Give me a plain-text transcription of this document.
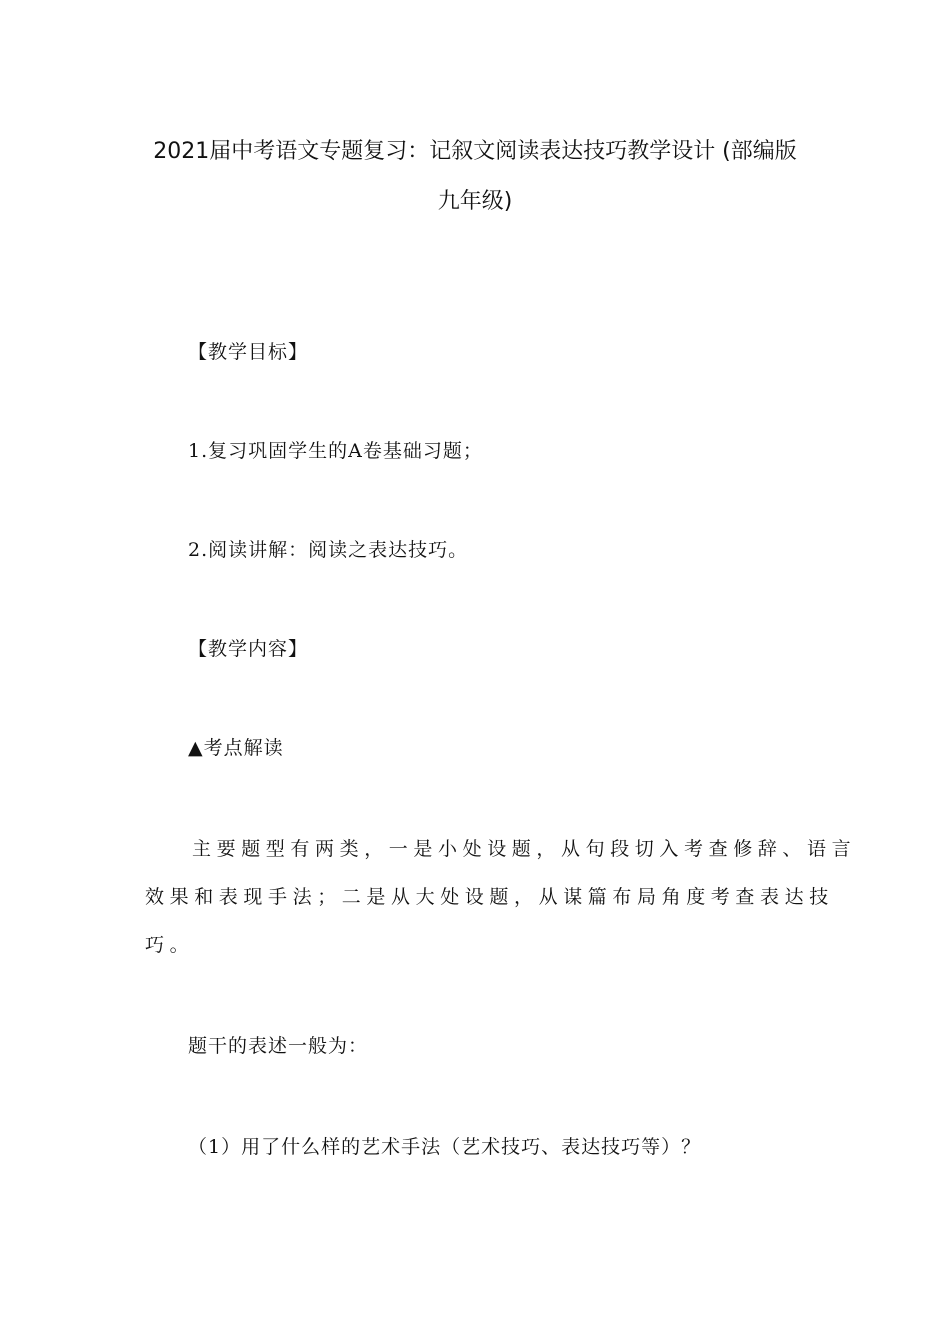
2021届中考语文专题复习：记叙文阅读表达技巧教学设计 (部编版
九年级)
【教学目标】
1.复习巩固学生的A卷基础习题；
2.阅读讲解：阅读之表达技巧。
【教学内容】
▲考点解读
主要题型有两类，一是小处设题，从句段切入考查修辞、语言
效果和表现手法；二是从大处设题，从谋篇布局角度考查表达技
巧。
题干的表述一般为：
（1）用了什么样的艺术手法（艺术技巧、表达技巧等）？
